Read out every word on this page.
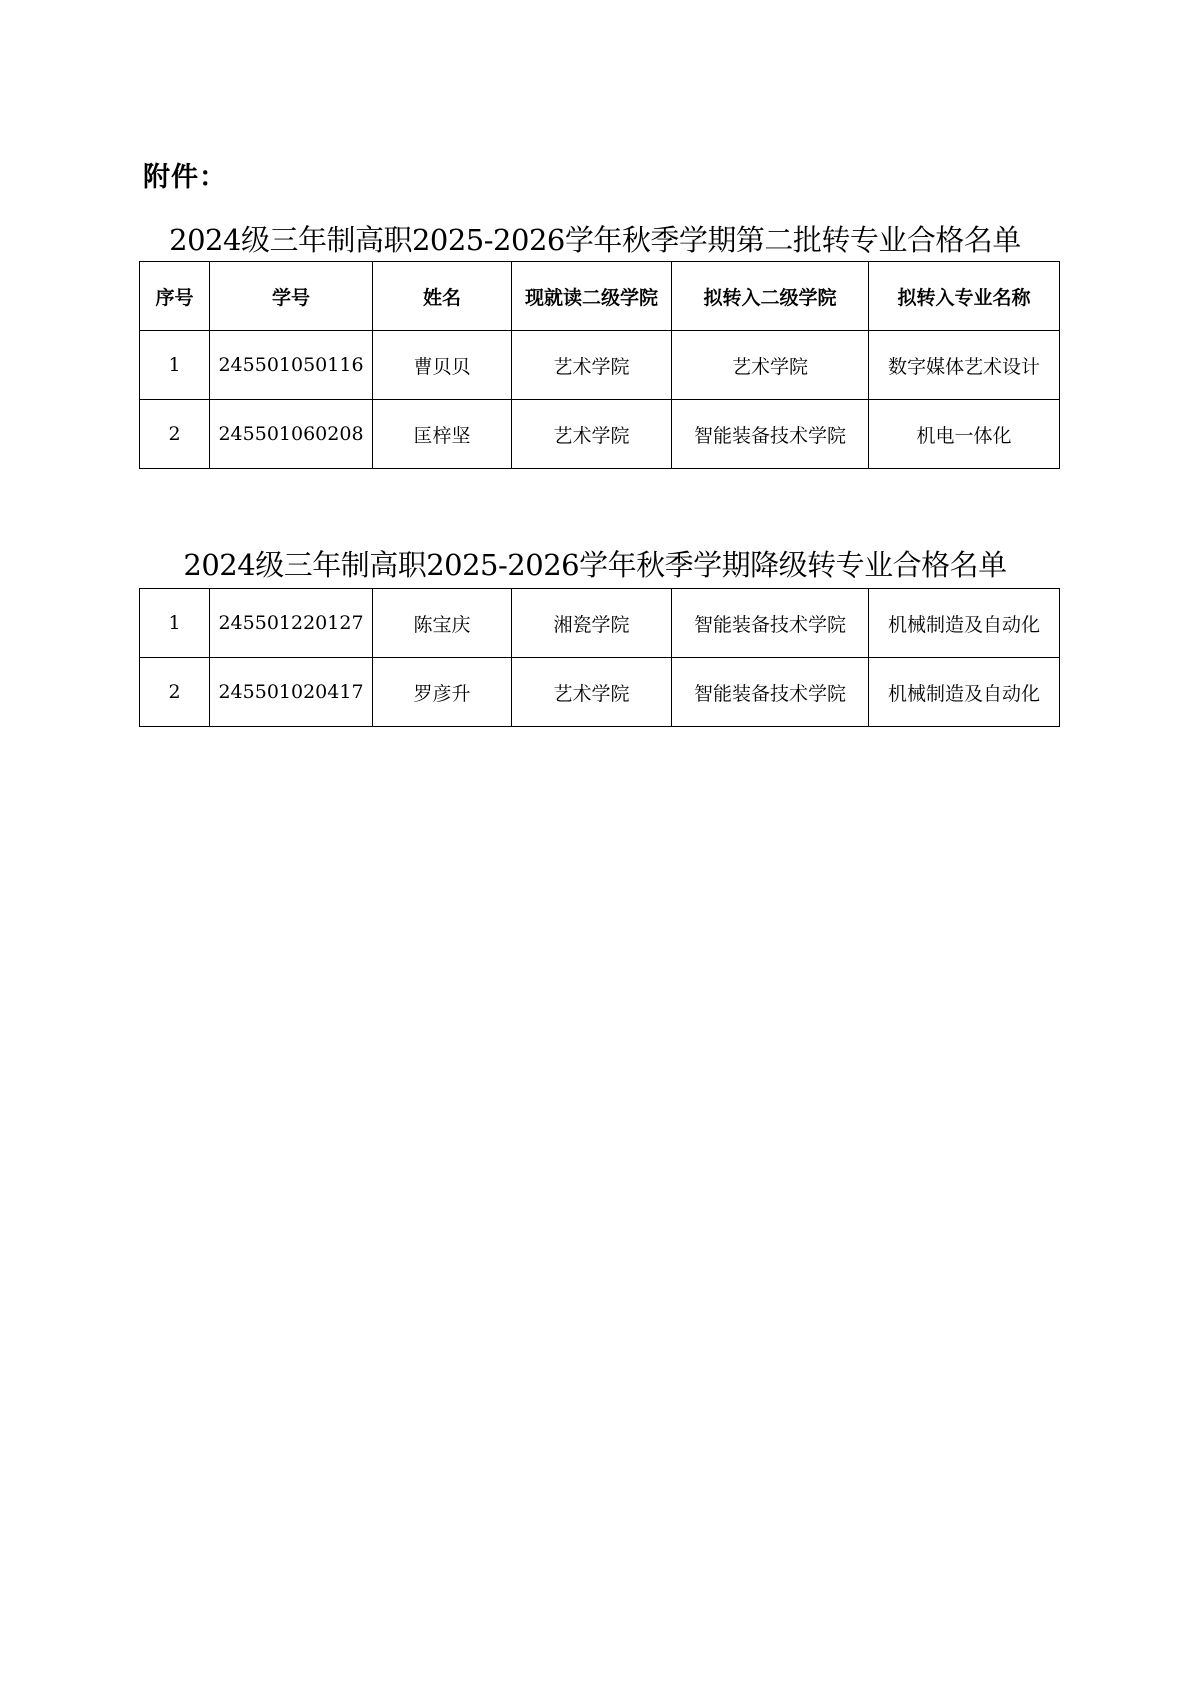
附件：
2024级三年制高职2025-2026学年秋季学期第二批转专业合格名单
序号	学号	姓名	现就读二级学院	拟转入二级学院	拟转入专业名称
1	245501050116	曹贝贝	艺术学院	艺术学院	数字媒体艺术设计
2	245501060208	匡梓坚	艺术学院	智能装备技术学院	机电一体化
2024级三年制高职2025-2026学年秋季学期降级转专业合格名单
1	245501220127	陈宝庆	湘瓷学院	智能装备技术学院	机械制造及自动化
2	245501020417	罗彦升	艺术学院	智能装备技术学院	机械制造及自动化
